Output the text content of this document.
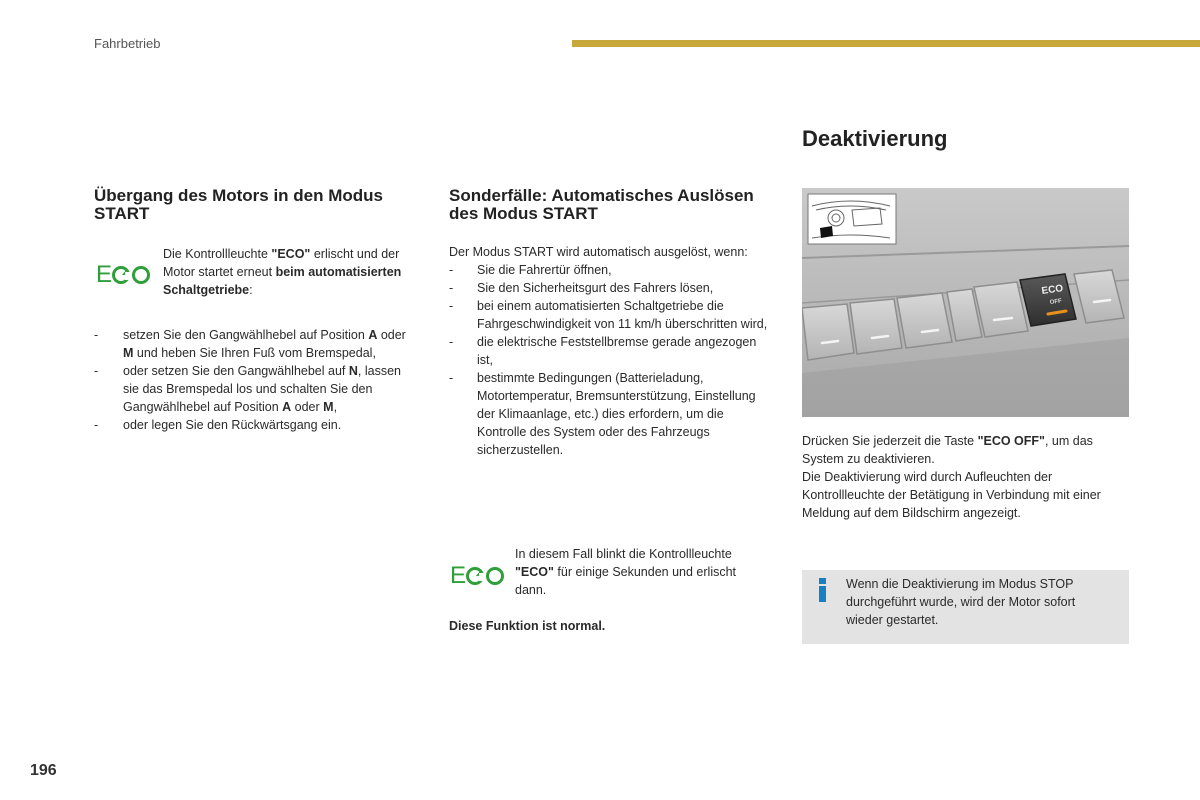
Fahrbetrieb
Übergang des Motors in den Modus START
E
Die Kontrollleuchte "ECO" erlischt und der Motor startet erneut beim automatisierten Schaltgetriebe:
- setzen Sie den Gangwählhebel auf Position A oder M und heben Sie Ihren Fuß vom Bremspedal,
- oder setzen Sie den Gangwählhebel auf N, lassen sie das Bremspedal los und schalten Sie den Gangwählhebel auf Position A oder M,
- oder legen Sie den Rückwärtsgang ein.
Sonderfälle: Automatisches Auslösen des Modus START
Der Modus START wird automatisch ausgelöst, wenn:
- Sie die Fahrertür öffnen,
- Sie den Sicherheitsgurt des Fahrers lösen,
- bei einem automatisierten Schaltgetriebe die Fahrgeschwindigkeit von 11 km/h überschritten wird,
- die elektrische Feststellbremse gerade angezogen ist,
- bestimmte Bedingungen (Batterieladung, Motortemperatur, Bremsunterstützung, Einstellung der Klimaanlage, etc.) dies erfordern, um die Kontrolle des System oder des Fahrzeugs sicherzustellen.
E
In diesem Fall blinkt die Kontrollleuchte "ECO" für einige Sekunden und erlischt dann.
Diese Funktion ist normal.
Deaktivierung
ECO
OFF
Drücken Sie jederzeit die Taste "ECO OFF", um das System zu deaktivieren.
Die Deaktivierung wird durch Aufleuchten der Kontrollleuchte der Betätigung in Verbindung mit einer Meldung auf dem Bildschirm angezeigt.
Wenn die Deaktivierung im Modus STOP durchgeführt wurde, wird der Motor sofort wieder gestartet.
196
